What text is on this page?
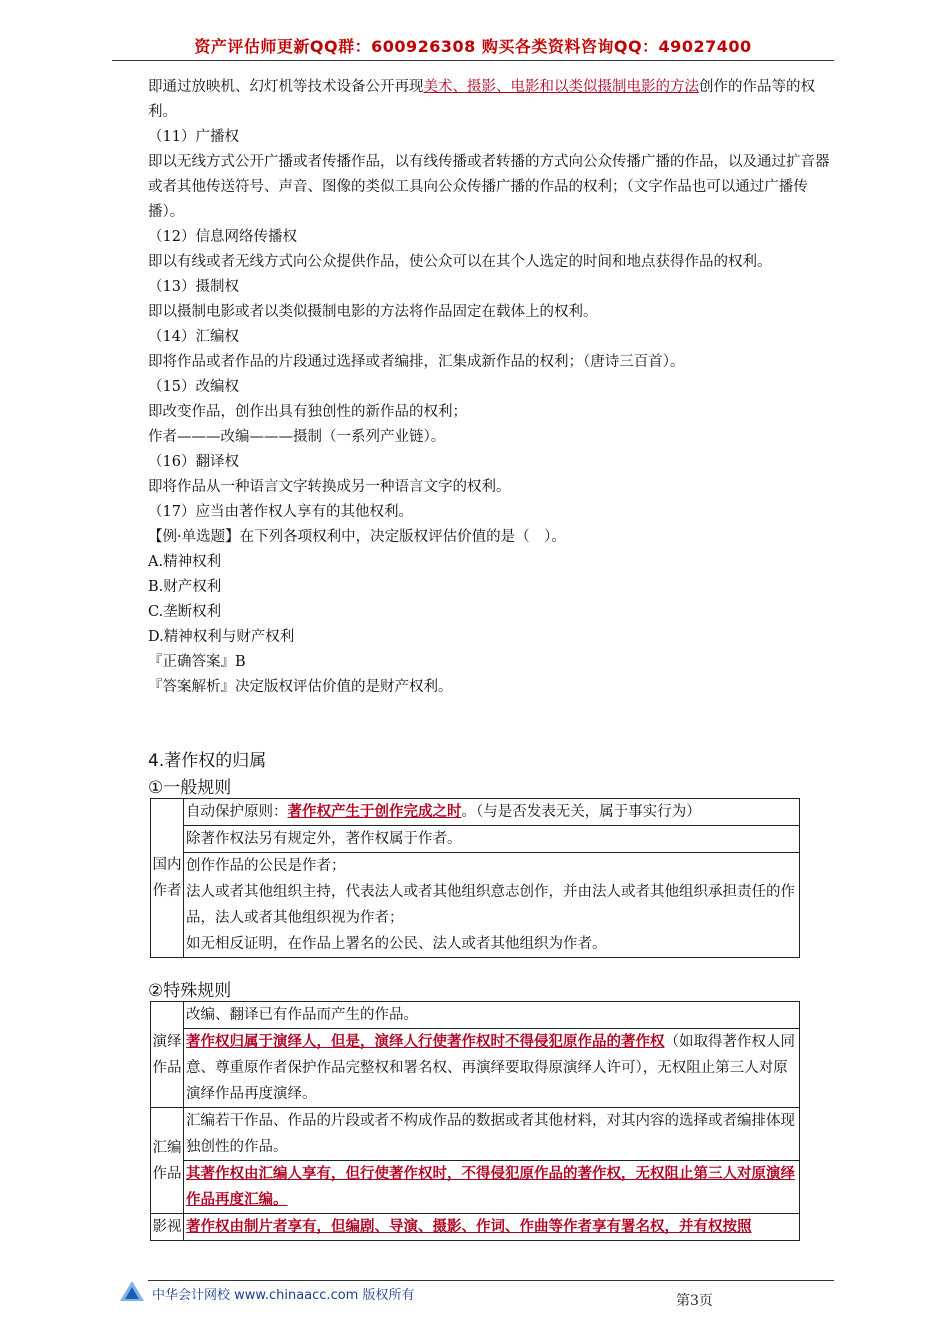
资产评估师更新QQ群：600926308 购买各类资料咨询QQ：49027400

即通过放映机、幻灯机等技术设备公开再现美术、摄影、电影和以类似摄制电影的方法创作的作品等的权利。

（11）广播权

即以无线方式公开广播或者传播作品，以有线传播或者转播的方式向公众传播广播的作品，以及通过扩音器或者其他传送符号、声音、图像的类似工具向公众传播广播的作品的权利；（文字作品也可以通过广播传播）。

（12）信息网络传播权

即以有线或者无线方式向公众提供作品，使公众可以在其个人选定的时间和地点获得作品的权利。

（13）摄制权

即以摄制电影或者以类似摄制电影的方法将作品固定在载体上的权利。

（14）汇编权

即将作品或者作品的片段通过选择或者编排，汇集成新作品的权利；（唐诗三百首）。

（15）改编权

即改变作品，创作出具有独创性的新作品的权利；

作者———改编———摄制（一系列产业链）。

（16）翻译权

即将作品从一种语言文字转换成另一种语言文字的权利。

（17）应当由著作权人享有的其他权利。

【例·单选题】在下列各项权利中，决定版权评估价值的是（　）。

A.精神权利

B.财产权利

C.垄断权利

D.精神权利与财产权利

『正确答案』B

『答案解析』决定版权评估价值的是财产权利。

4.著作权的归属
①一般规则
国内作者	自动保护原则：著作权产生于创作完成之时。（与是否发表无关，属于事实行为）
除著作权法另有规定外，著作权属于作者。

创作作品的公民是作者；
法人或者其他组织主持，代表法人或者其他组织意志创作，并由法人或者其他组织承担责任的作品，法人或者其他组织视为作者；
如无相反证明，在作品上署名的公民、法人或者其他组织为作者。
②特殊规则
演绎作品	改编、翻译已有作品而产生的作品。
	著作权归属于演绎人，但是，演绎人行使著作权时不得侵犯原作品的著作权（如取得著作权人同意、尊重原作者保护作品完整权和署名权、再演绎要取得原演绎人许可），无权阻止第三人对原演绎作品再度演绎。
汇编作品	汇编若干作品、作品的片段或者不构成作品的数据或者其他材料，对其内容的选择或者编排体现独创性的作品。
	其著作权由汇编人享有，但行使著作权时，不得侵犯原作品的著作权，无权阻止第三人对原演绎作品再度汇编。
影视	著作权由制片者享有，但编剧、导演、摄影、作词、作曲等作者享有署名权，并有权按照
中华会计网校 www.chinaacc.com 版权所有	第3页
